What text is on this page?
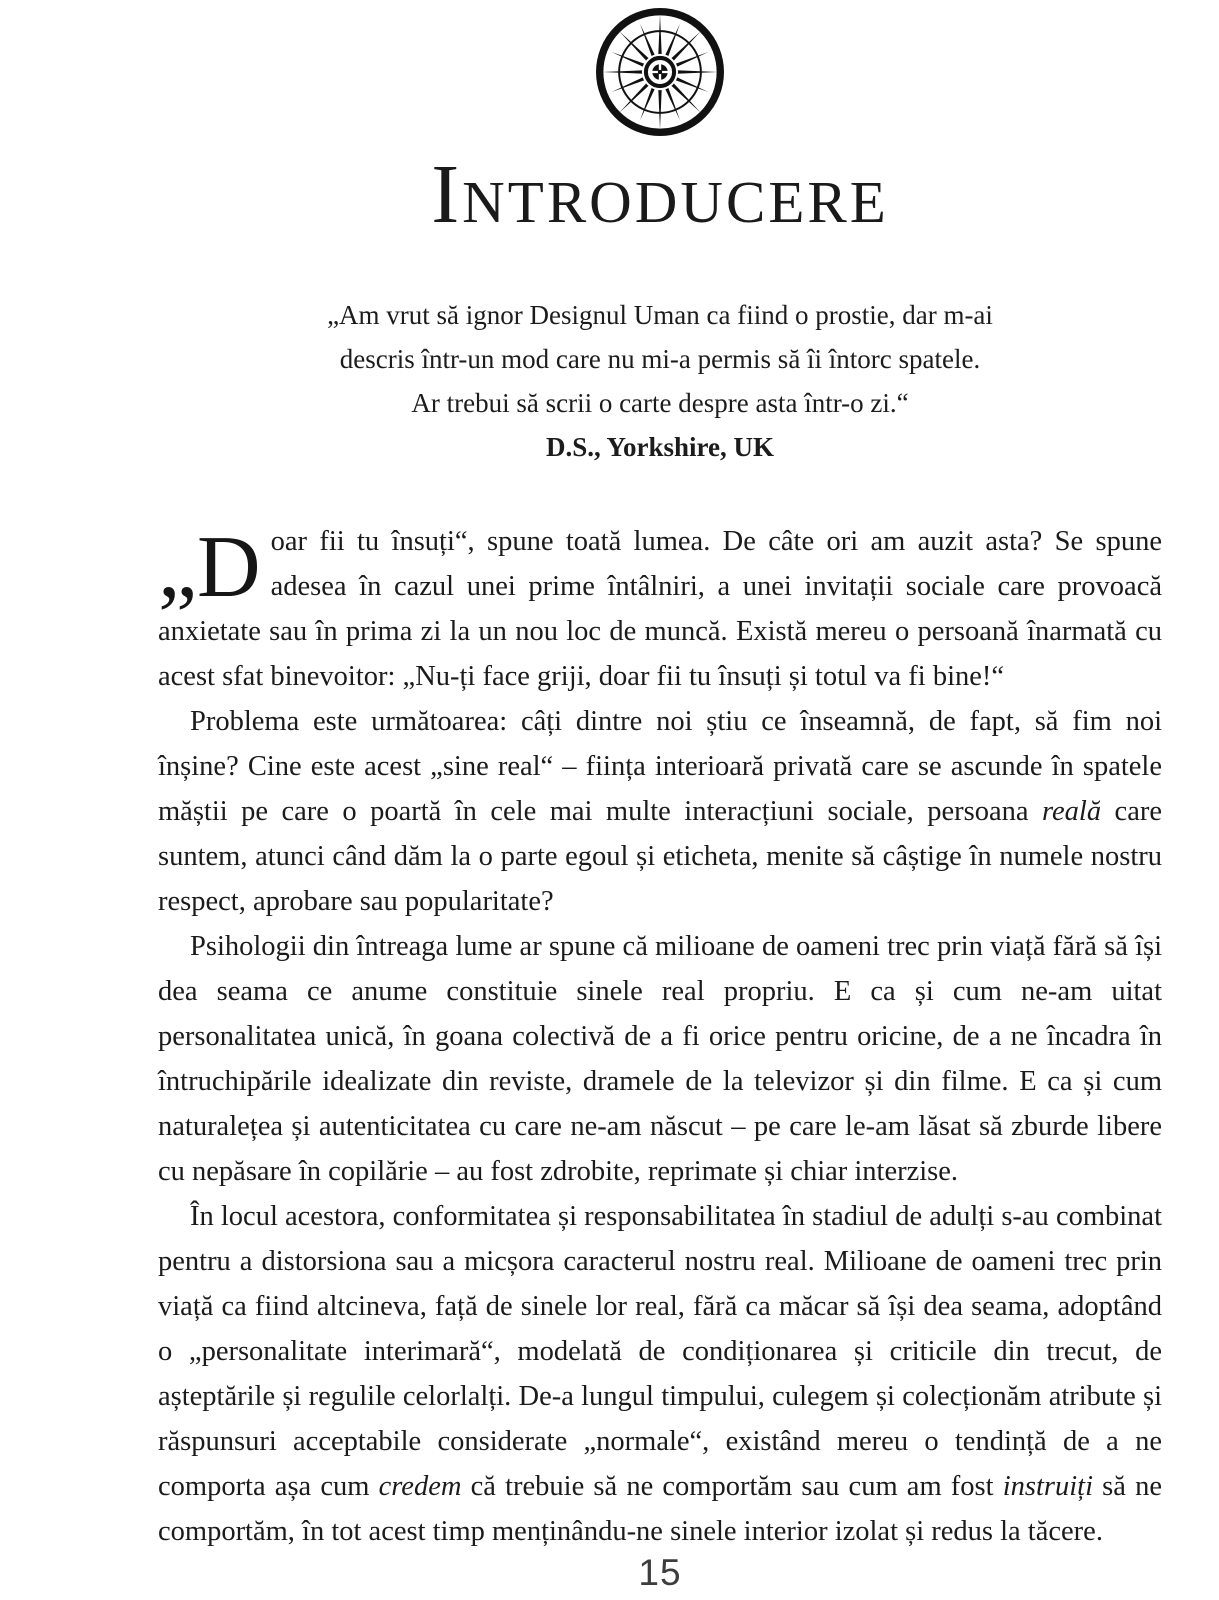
Introducere
„Am vrut să ignor Designul Uman ca fiind o prostie, dar m-ai
descris într-un mod care nu mi-a permis să îi întorc spatele.
Ar trebui să scrii o carte despre asta într-o zi.“
D.S., Yorkshire, UK

„Doar fii tu însuți“, spune toată lumea. De câte ori am auzit asta? Se spune adesea în cazul unei prime întâlniri, a unei invitații sociale care provoacă anxietate sau în prima zi la un nou loc de muncă. Există mereu o persoană înarmată cu acest sfat binevoitor: „Nu-ți face griji, doar fii tu însuți și totul va fi bine!“

Problema este următoarea: câți dintre noi știu ce înseamnă, de fapt, să fim noi înșine? Cine este acest „sine real“ – ființa interioară privată care se ascunde în spatele măștii pe care o poartă în cele mai multe interacțiuni sociale, persoana reală care suntem, atunci când dăm la o parte egoul și eticheta, menite să câștige în numele nostru respect, aprobare sau popularitate?

Psihologii din întreaga lume ar spune că milioane de oameni trec prin viață fără să își dea seama ce anume constituie sinele real propriu. E ca și cum ne-am uitat personalitatea unică, în goana colectivă de a fi orice pentru oricine, de a ne încadra în întruchipările idealizate din reviste, dramele de la televizor și din filme. E ca și cum naturalețea și autenticitatea cu care ne-am născut – pe care le-am lăsat să zburde libere cu nepăsare în copilărie – au fost zdrobite, reprimate și chiar interzise.

În locul acestora, conformitatea și responsabilitatea în stadiul de adulți s-au combinat pentru a distorsiona sau a micșora caracterul nostru real. Milioane de oameni trec prin viață ca fiind altcineva, față de sinele lor real, fără ca măcar să își dea seama, adoptând o „personalitate interimară“, modelată de condiționarea și criticile din trecut, de așteptările și regulile celorlalți. De-a lungul timpului, culegem și colecționăm atribute și răspunsuri acceptabile considerate „normale“, existând mereu o tendință de a ne comporta așa cum credem că trebuie să ne comportăm sau cum am fost instruiți să ne comportăm, în tot acest timp menținându-ne sinele interior izolat și redus la tăcere.

15
